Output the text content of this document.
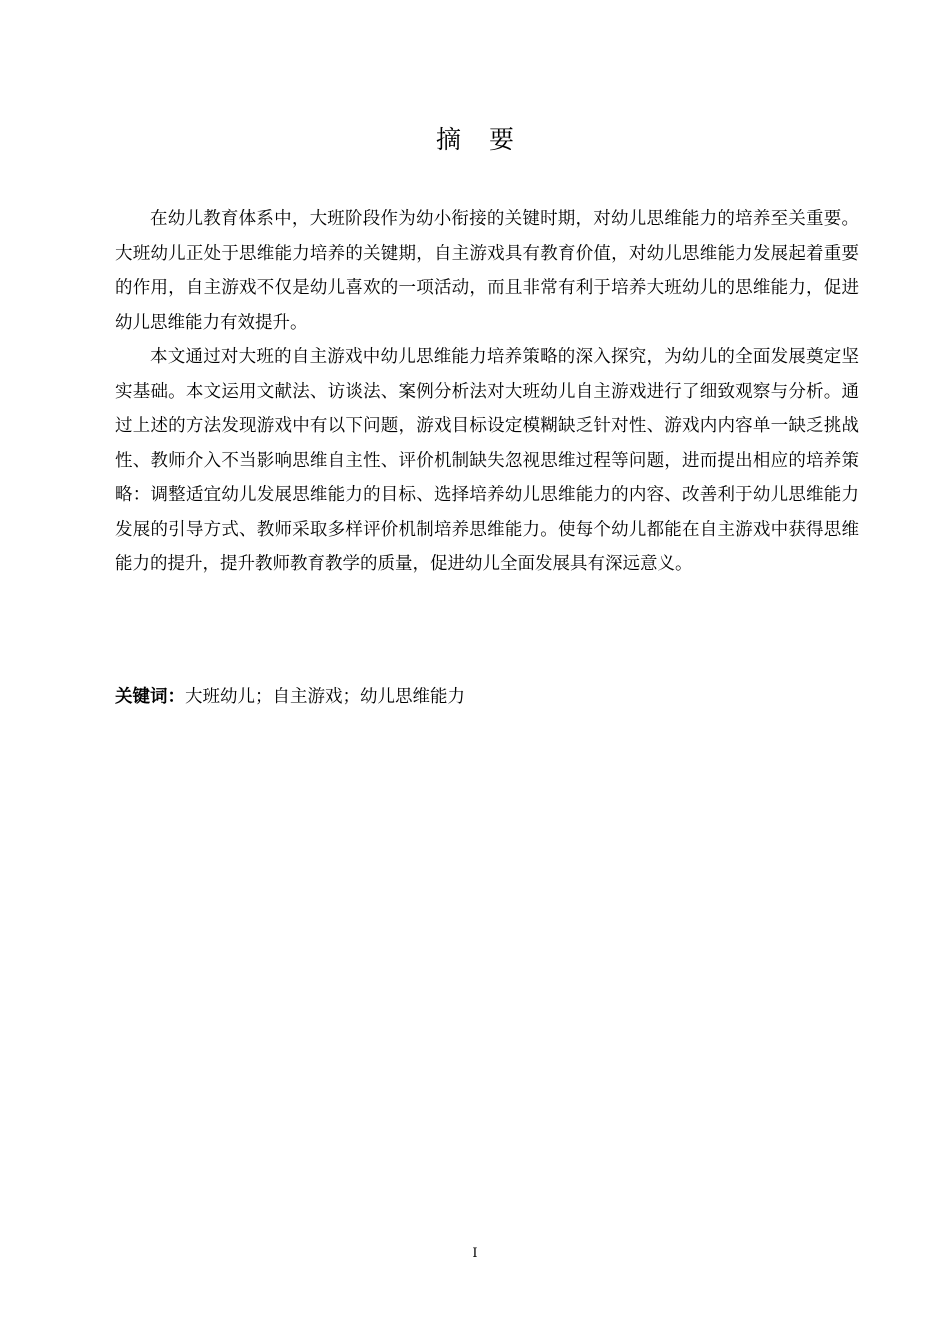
摘 要

在幼儿教育体系中，大班阶段作为幼小衔接的关键时期，对幼儿思维能力的培养至关重要。大班幼儿正处于思维能力培养的关键期，自主游戏具有教育价值，对幼儿思维能力发展起着重要的作用，自主游戏不仅是幼儿喜欢的一项活动，而且非常有利于培养大班幼儿的思维能力，促进幼儿思维能力有效提升。

本文通过对大班的自主游戏中幼儿思维能力培养策略的深入探究，为幼儿的全面发展奠定坚实基础。本文运用文献法、访谈法、案例分析法对大班幼儿自主游戏进行了细致观察与分析。通过上述的方法发现游戏中有以下问题，游戏目标设定模糊缺乏针对性、游戏内内容单一缺乏挑战性、教师介入不当影响思维自主性、评价机制缺失忽视思维过程等问题，进而提出相应的培养策略：调整适宜幼儿发展思维能力的目标、选择培养幼儿思维能力的内容、改善利于幼儿思维能力发展的引导方式、教师采取多样评价机制培养思维能力。使每个幼儿都能在自主游戏中获得思维能力的提升，提升教师教育教学的质量，促进幼儿全面发展具有深远意义。

关键词：大班幼儿；自主游戏；幼儿思维能力
I
